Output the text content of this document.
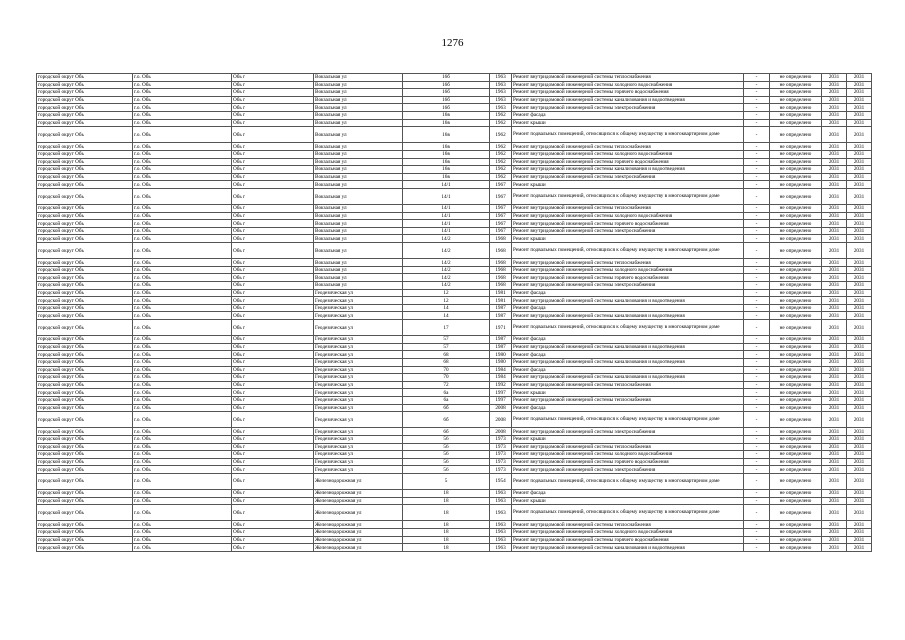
1276
городской округ Обь	г.о. Обь	Обь г	Вокзальная ул	16б	1963	Ремонт внутридомовой инженерной системы теплоснабжения	-	не определено	2031	2031
городской округ Обь	г.о. Обь	Обь г	Вокзальная ул	16б	1963	Ремонт внутридомовой инженерной системы холодного водоснабжения	-	не определено	2031	2031
городской округ Обь	г.о. Обь	Обь г	Вокзальная ул	16б	1963	Ремонт внутридомовой инженерной системы горячего водоснабжения	-	не определено	2031	2031
городской округ Обь	г.о. Обь	Обь г	Вокзальная ул	16б	1963	Ремонт внутридомовой инженерной системы канализования и водоотведения	-	не определено	2031	2031
городской округ Обь	г.о. Обь	Обь г	Вокзальная ул	16б	1963	Ремонт внутридомовой инженерной системы электроснабжения	-	не определено	2031	2031
городской округ Обь	г.о. Обь	Обь г	Вокзальная ул	16в	1962	Ремонт фасада	-	не определено	2031	2031
городской округ Обь	г.о. Обь	Обь г	Вокзальная ул	16в	1962	Ремонт крыши	-	не определено	2031	2031
городской округ Обь	г.о. Обь	Обь г	Вокзальная ул	16в	1962	Ремонт подвальных помещений, относящихся к общему имуществу в многоквартирном доме	-	не определено	2031	2031
городской округ Обь	г.о. Обь	Обь г	Вокзальная ул	16в	1962	Ремонт внутридомовой инженерной системы теплоснабжения	-	не определено	2031	2031
городской округ Обь	г.о. Обь	Обь г	Вокзальная ул	16в	1962	Ремонт внутридомовой инженерной системы холодного водоснабжения	-	не определено	2031	2031
городской округ Обь	г.о. Обь	Обь г	Вокзальная ул	16в	1962	Ремонт внутридомовой инженерной системы горячего водоснабжения	-	не определено	2031	2031
городской округ Обь	г.о. Обь	Обь г	Вокзальная ул	16в	1962	Ремонт внутридомовой инженерной системы канализования и водоотведения	-	не определено	2031	2031
городской округ Обь	г.о. Обь	Обь г	Вокзальная ул	16в	1962	Ремонт внутридомовой инженерной системы электроснабжения	-	не определено	2031	2031
городской округ Обь	г.о. Обь	Обь г	Вокзальная ул	14/1	1967	Ремонт крыши	-	не определено	2031	2031
городской округ Обь	г.о. Обь	Обь г	Вокзальная ул	14/1	1967	Ремонт подвальных помещений, относящихся к общему имуществу в многоквартирном доме	-	не определено	2031	2031
городской округ Обь	г.о. Обь	Обь г	Вокзальная ул	14/1	1967	Ремонт внутридомовой инженерной системы теплоснабжения	-	не определено	2031	2031
городской округ Обь	г.о. Обь	Обь г	Вокзальная ул	14/1	1967	Ремонт внутридомовой инженерной системы холодного водоснабжения	-	не определено	2031	2031
городской округ Обь	г.о. Обь	Обь г	Вокзальная ул	14/1	1967	Ремонт внутридомовой инженерной системы горячего водоснабжения	-	не определено	2031	2031
городской округ Обь	г.о. Обь	Обь г	Вокзальная ул	14/1	1967	Ремонт внутридомовой инженерной системы электроснабжения	-	не определено	2031	2031
городской округ Обь	г.о. Обь	Обь г	Вокзальная ул	14/2	1968	Ремонт крыши	-	не определено	2031	2031
городской округ Обь	г.о. Обь	Обь г	Вокзальная ул	14/2	1968	Ремонт подвальных помещений, относящихся к общему имуществу в многоквартирном доме	-	не определено	2031	2031
городской округ Обь	г.о. Обь	Обь г	Вокзальная ул	14/2	1968	Ремонт внутридомовой инженерной системы теплоснабжения	-	не определено	2031	2031
городской округ Обь	г.о. Обь	Обь г	Вокзальная ул	14/2	1968	Ремонт внутридомовой инженерной системы холодного водоснабжения	-	не определено	2031	2031
городской округ Обь	г.о. Обь	Обь г	Вокзальная ул	14/2	1968	Ремонт внутридомовой инженерной системы горячего водоснабжения	-	не определено	2031	2031
городской округ Обь	г.о. Обь	Обь г	Вокзальная ул	14/2	1968	Ремонт внутридомовой инженерной системы электроснабжения	-	не определено	2031	2031
городской округ Обь	г.о. Обь	Обь г	Геодезическая ул	12	1981	Ремонт фасада	-	не определено	2031	2031
городской округ Обь	г.о. Обь	Обь г	Геодезическая ул	12	1981	Ремонт внутридомовой инженерной системы канализования и водоотведения	-	не определено	2031	2031
городской округ Обь	г.о. Обь	Обь г	Геодезическая ул	14	1987	Ремонт фасада	-	не определено	2031	2031
городской округ Обь	г.о. Обь	Обь г	Геодезическая ул	14	1987	Ремонт внутридомовой инженерной системы канализования и водоотведения	-	не определено	2031	2031
городской округ Обь	г.о. Обь	Обь г	Геодезическая ул	17	1971	Ремонт подвальных помещений, относящихся к общему имуществу в многоквартирном доме	-	не определено	2031	2031
городской округ Обь	г.о. Обь	Обь г	Геодезическая ул	57	1987	Ремонт фасада	-	не определено	2031	2031
городской округ Обь	г.о. Обь	Обь г	Геодезическая ул	57	1987	Ремонт внутридомовой инженерной системы канализования и водоотведения	-	не определено	2031	2031
городской округ Обь	г.о. Обь	Обь г	Геодезическая ул	68	1980	Ремонт фасада	-	не определено	2031	2031
городской округ Обь	г.о. Обь	Обь г	Геодезическая ул	68	1980	Ремонт внутридомовой инженерной системы канализования и водоотведения	-	не определено	2031	2031
городской округ Обь	г.о. Обь	Обь г	Геодезическая ул	70	1984	Ремонт фасада	-	не определено	2031	2031
городской округ Обь	г.о. Обь	Обь г	Геодезическая ул	70	1984	Ремонт внутридомовой инженерной системы канализования и водоотведения	-	не определено	2031	2031
городской округ Обь	г.о. Обь	Обь г	Геодезическая ул	72	1992	Ремонт внутридомовой инженерной системы теплоснабжения	-	не определено	2031	2031
городской округ Обь	г.о. Обь	Обь г	Геодезическая ул	6а	1997	Ремонт крыши	-	не определено	2031	2031
городской округ Обь	г.о. Обь	Обь г	Геодезическая ул	6а	1997	Ремонт внутридомовой инженерной системы теплоснабжения	-	не определено	2031	2031
городской округ Обь	г.о. Обь	Обь г	Геодезическая ул	6б	2008	Ремонт фасада	-	не определено	2031	2031
городской округ Обь	г.о. Обь	Обь г	Геодезическая ул	6б	2008	Ремонт подвальных помещений, относящихся к общему имуществу в многоквартирном доме	-	не определено	2031	2031
городской округ Обь	г.о. Обь	Обь г	Геодезическая ул	6б	2008	Ремонт внутридомовой инженерной системы электроснабжения	-	не определено	2031	2031
городской округ Обь	г.о. Обь	Обь г	Геодезическая ул	56	1973	Ремонт крыши	-	не определено	2031	2031
городской округ Обь	г.о. Обь	Обь г	Геодезическая ул	56	1973	Ремонт внутридомовой инженерной системы теплоснабжения	-	не определено	2031	2031
городской округ Обь	г.о. Обь	Обь г	Геодезическая ул	56	1973	Ремонт внутридомовой инженерной системы холодного водоснабжения	-	не определено	2031	2031
городской округ Обь	г.о. Обь	Обь г	Геодезическая ул	56	1973	Ремонт внутридомовой инженерной системы горячего водоснабжения	-	не определено	2031	2031
городской округ Обь	г.о. Обь	Обь г	Геодезическая ул	56	1973	Ремонт внутридомовой инженерной системы электроснабжения	-	не определено	2031	2031
городской округ Обь	г.о. Обь	Обь г	Железнодорожная ул	5	1954	Ремонт подвальных помещений, относящихся к общему имуществу в многоквартирном доме	-	не определено	2031	2031
городской округ Обь	г.о. Обь	Обь г	Железнодорожная ул	18	1963	Ремонт фасада	-	не определено	2031	2031
городской округ Обь	г.о. Обь	Обь г	Железнодорожная ул	18	1963	Ремонт крыши	-	не определено	2031	2031
городской округ Обь	г.о. Обь	Обь г	Железнодорожная ул	18	1963	Ремонт подвальных помещений, относящихся к общему имуществу в многоквартирном доме	-	не определено	2031	2031
городской округ Обь	г.о. Обь	Обь г	Железнодорожная ул	18	1963	Ремонт внутридомовой инженерной системы теплоснабжения	-	не определено	2031	2031
городской округ Обь	г.о. Обь	Обь г	Железнодорожная ул	18	1963	Ремонт внутридомовой инженерной системы холодного водоснабжения	-	не определено	2031	2031
городской округ Обь	г.о. Обь	Обь г	Железнодорожная ул	18	1963	Ремонт внутридомовой инженерной системы горячего водоснабжения	-	не определено	2031	2031
городской округ Обь	г.о. Обь	Обь г	Железнодорожная ул	18	1963	Ремонт внутридомовой инженерной системы канализования и водоотведения	-	не определено	2031	2031
